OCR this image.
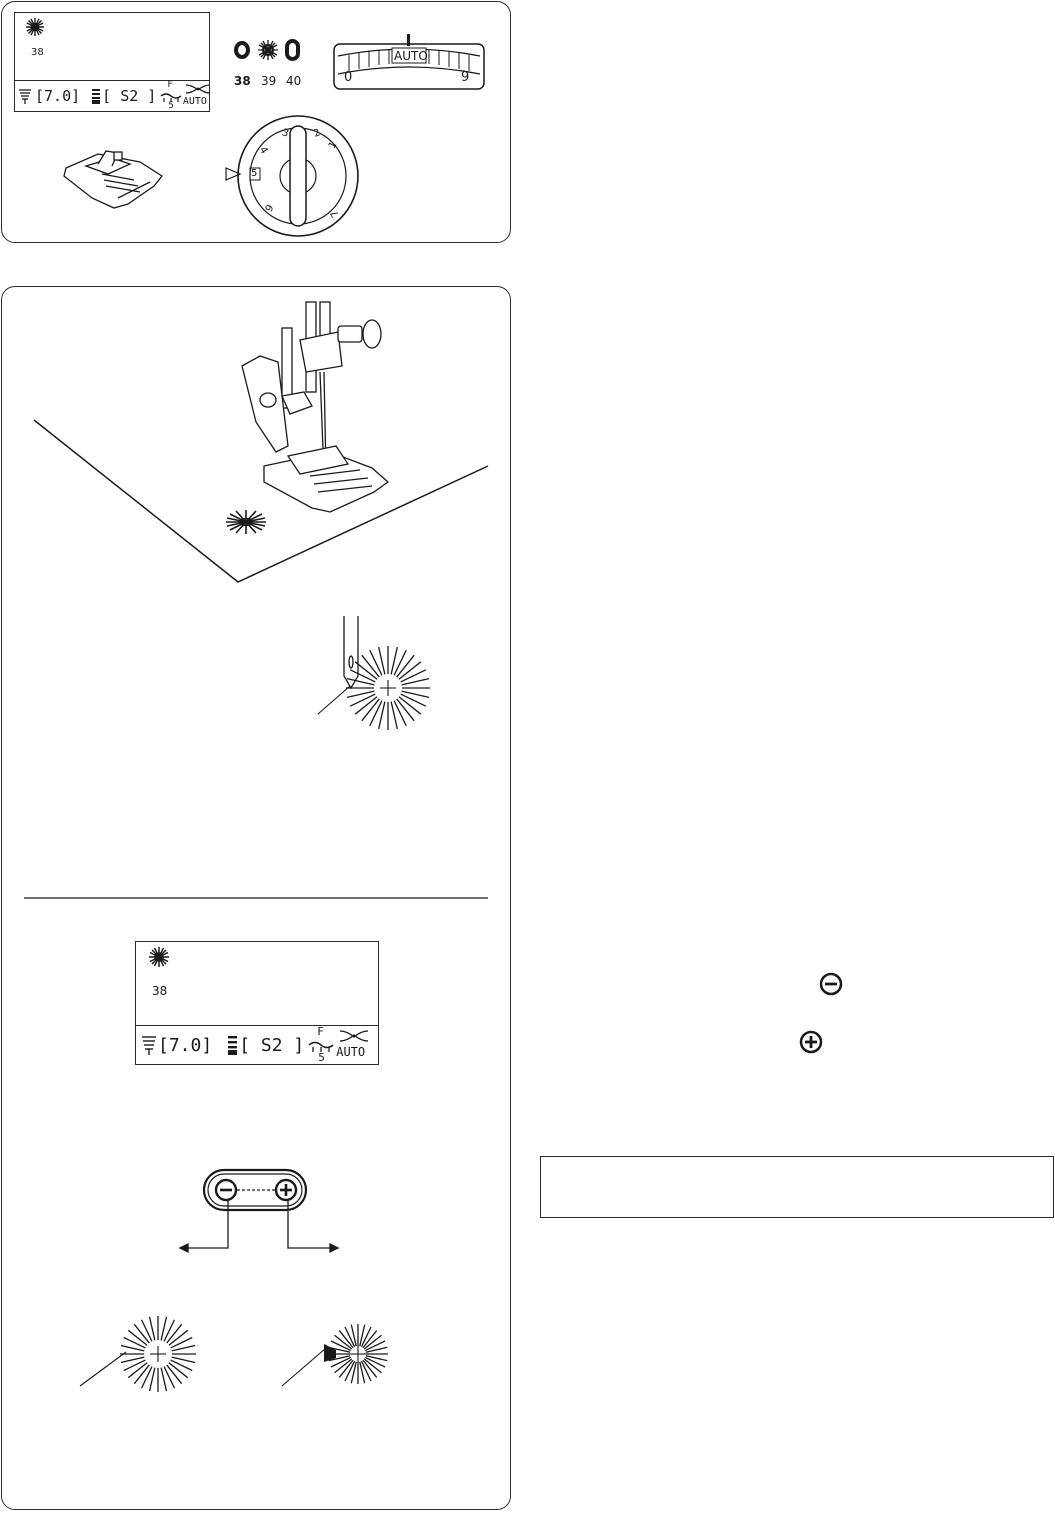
38
[7.0] [ S2 ]
F
5 AUTO
38 39 40
AUTO
0	9
5
1
2
3
4
6
7
38
[7.0] [ S2 ]
F
5 AUTO
